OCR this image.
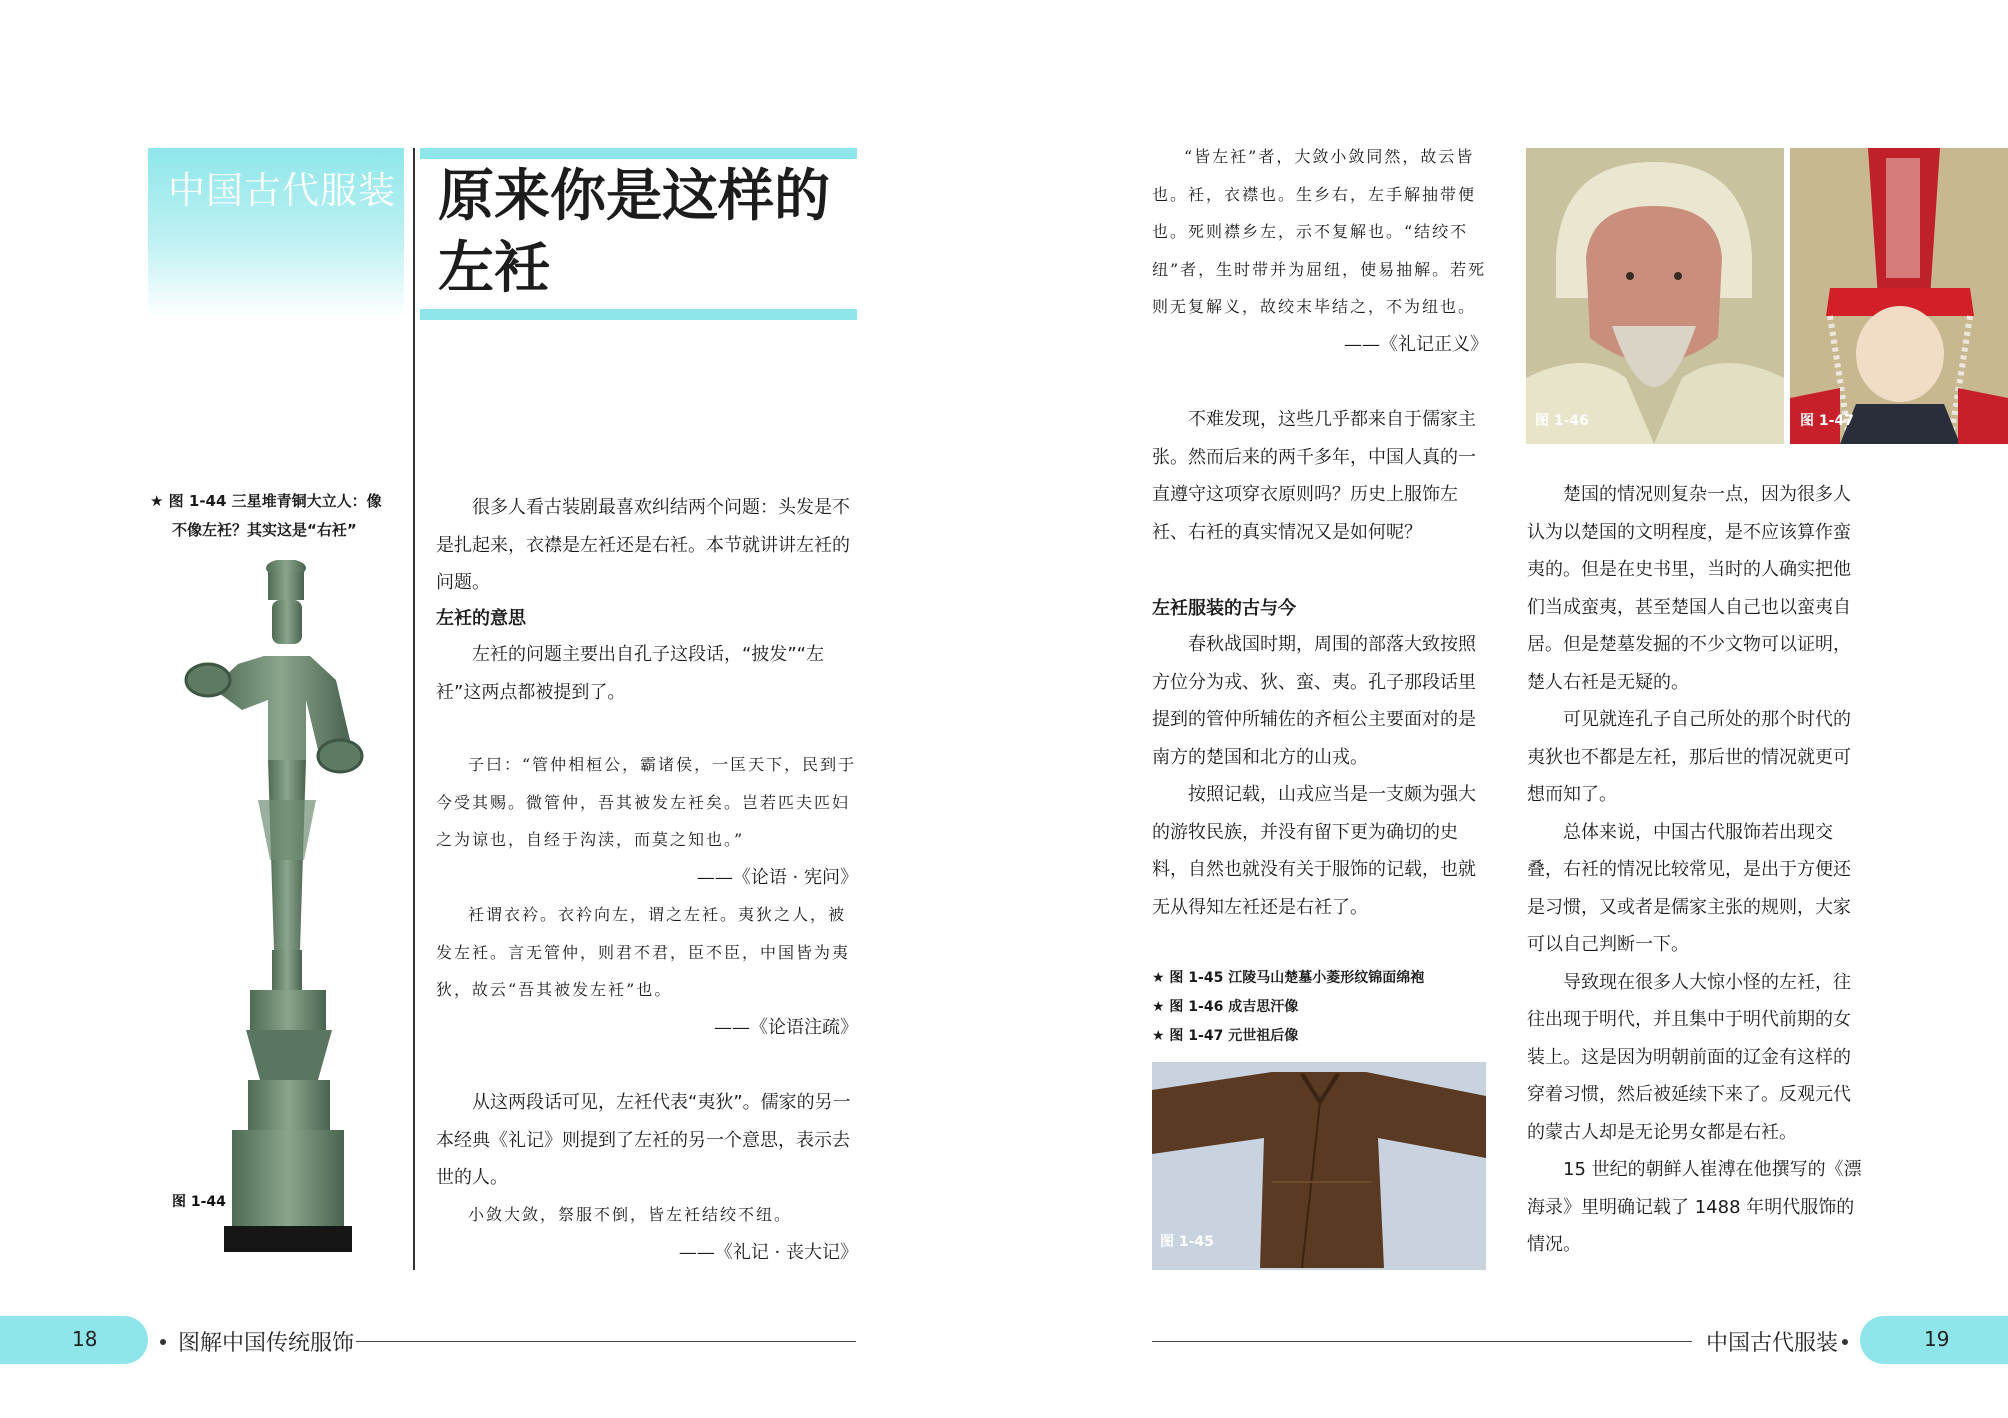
中国古代服装 原来你是这样的左衽
★ 图 1-44 三星堆青铜大立人：像
不像左衽？其实这是“右衽”
图 1-44

很多人看古装剧最喜欢纠结两个问题：头发是不是扎起来，衣襟是左衽还是右衽。本节就讲讲左衽的问题。

左衽的意思

左衽的问题主要出自孔子这段话，“披发”“左衽”这两点都被提到了。

子曰：“管仲相桓公，霸诸侯，一匡天下，民到于今受其赐。微管仲，吾其被发左衽矣。岂若匹夫匹妇之为谅也，自经于沟渎，而莫之知也。”

——《论语 · 宪问》

衽谓衣衿。衣衿向左，谓之左衽。夷狄之人，被发左衽。言无管仲，则君不君，臣不臣，中国皆为夷狄，故云“吾其被发左衽”也。

——《论语注疏》

从这两段话可见，左衽代表“夷狄”。儒家的另一本经典《礼记》则提到了左衽的另一个意思，表示去世的人。

小敛大敛，祭服不倒，皆左衽结绞不纽。

——《礼记 · 丧大记》

18	图解中国传统服饰

“皆左衽”者，大敛小敛同然，故云皆也。衽，衣襟也。生乡右，左手解抽带便也。死则襟乡左，示不复解也。“结绞不纽”者，生时带并为屈纽，使易抽解。若死则无复解义，故绞末毕结之，不为纽也。

——《礼记正义》

不难发现，这些几乎都来自于儒家主张。然而后来的两千多年，中国人真的一直遵守这项穿衣原则吗？历史上服饰左衽、右衽的真实情况又是如何呢？

左衽服装的古与今

春秋战国时期，周围的部落大致按照方位分为戎、狄、蛮、夷。孔子那段话里提到的管仲所辅佐的齐桓公主要面对的是南方的楚国和北方的山戎。

按照记载，山戎应当是一支颇为强大的游牧民族，并没有留下更为确切的史料，自然也就没有关于服饰的记载，也就无从得知左衽还是右衽了。

★ 图 1-45 江陵马山楚墓小菱形纹锦面绵袍
★ 图 1-46 成吉思汗像
★ 图 1-47 元世祖后像
图 1-45
图 1-46	图 1-47

楚国的情况则复杂一点，因为很多人认为以楚国的文明程度，是不应该算作蛮夷的。但是在史书里，当时的人确实把他们当成蛮夷，甚至楚国人自己也以蛮夷自居。但是楚墓发掘的不少文物可以证明，楚人右衽是无疑的。

可见就连孔子自己所处的那个时代的夷狄也不都是左衽，那后世的情况就更可想而知了。

总体来说，中国古代服饰若出现交叠，右衽的情况比较常见，是出于方便还是习惯，又或者是儒家主张的规则，大家可以自己判断一下。

导致现在很多人大惊小怪的左衽，往往出现于明代，并且集中于明代前期的女装上。这是因为明朝前面的辽金有这样的穿着习惯，然后被延续下来了。反观元代的蒙古人却是无论男女都是右衽。

15 世纪的朝鲜人崔溥在他撰写的《漂海录》里明确记载了 1488 年明代服饰的情况。

中国古代服装	19
